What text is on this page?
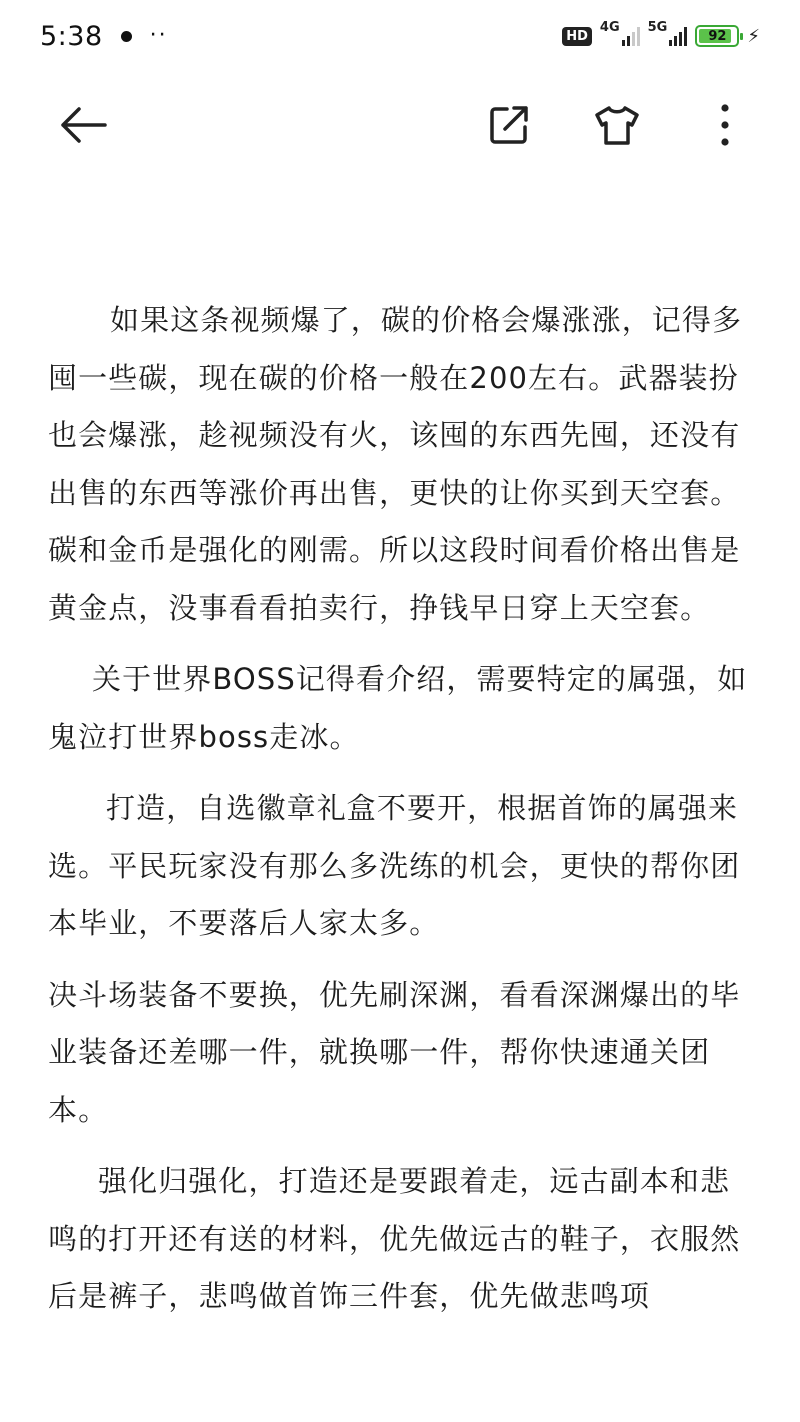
5:38 ··	HD
4G 5G
92 ⚡

如果这条视频爆了，碳的价格会爆涨涨，记得多囤一些碳，现在碳的价格一般在200左右。武器装扮也会爆涨，趁视频没有火，该囤的东西先囤，还没有出售的东西等涨价再出售，更快的让你买到天空套。碳和金币是强化的刚需。所以这段时间看价格出售是黄金点，没事看看拍卖行，挣钱早日穿上天空套。

关于世界BOSS记得看介绍，需要特定的属强，如鬼泣打世界boss走冰。

打造，自选徽章礼盒不要开，根据首饰的属强来选。平民玩家没有那么多洗练的机会，更快的帮你团本毕业，不要落后人家太多。

决斗场装备不要换，优先刷深渊，看看深渊爆出的毕业装备还差哪一件，就换哪一件，帮你快速通关团本。

强化归强化，打造还是要跟着走，远古副本和悲鸣的打开还有送的材料，优先做远古的鞋子，衣服然后是裤子，悲鸣做首饰三件套，优先做悲鸣项
